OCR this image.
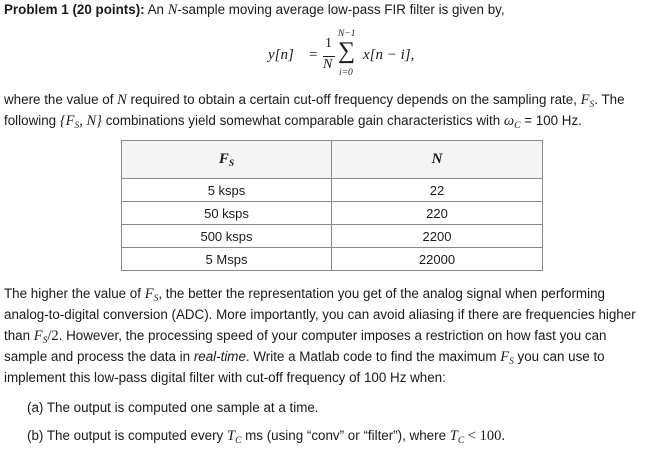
Problem 1 (20 points): An N-sample moving average low-pass FIR filter is given by,
y[n] =
1
N
N−1
∑
i=0
x[n − i],
where the value of N required to obtain a certain cut-off frequency depends on the sampling rate, $F_S$. The
following {$F_S$, N} combinations yield somewhat comparable gain characteristics with $\omega_C = 100$ Hz.
$F_S$	N
5 ksps	22
50 ksps	220
500 ksps	2200
5 Msps	22000
The higher the value of $F_S$, the better the representation you get of the analog signal when performing
analog-to-digital conversion (ADC). More importantly, you can avoid aliasing if there are frequencies higher
than $F_S/2$. However, the processing speed of your computer imposes a restriction on how fast you can
sample and process the data in real-time. Write a Matlab code to find the maximum $F_S$ you can use to
implement this low-pass digital filter with cut-off frequency of 100 Hz when:
(a) The output is computed one sample at a time.
(b) The output is computed every $T_C$ ms (using “conv” or “filter”), where $T_C < 100$.
